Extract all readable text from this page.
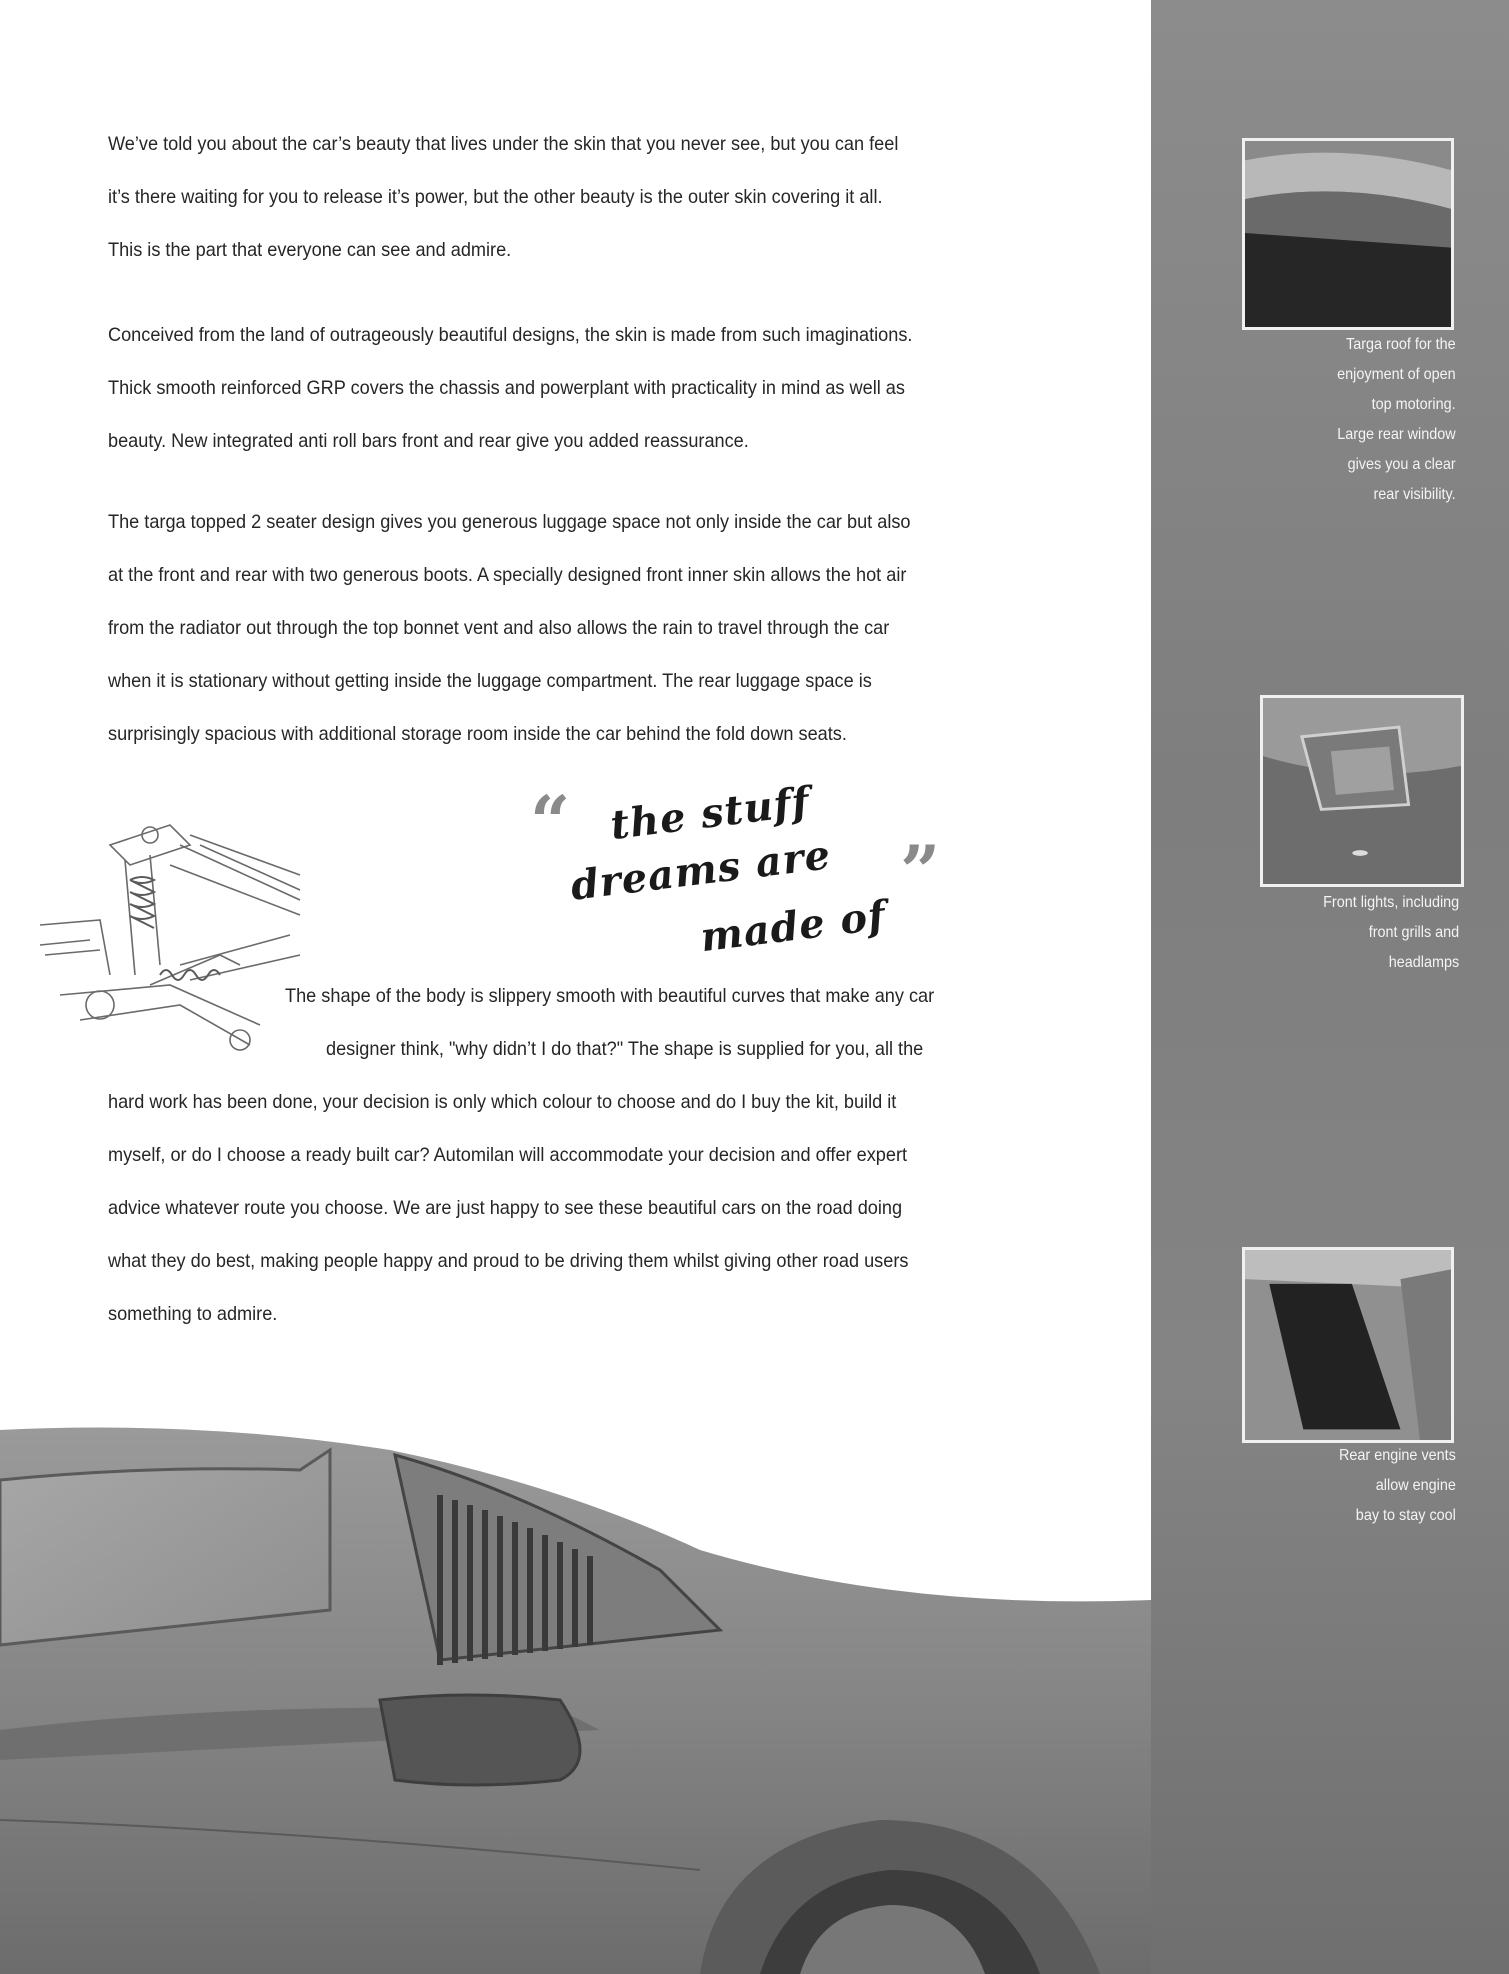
We’ve told you about the car’s beauty that lives under the skin that you never see, but you can feel
it’s there waiting for you to release it’s power, but the other beauty is the outer skin covering it all.
This is the part that everyone can see and admire.
Conceived from the land of outrageously beautiful designs, the skin is made from such imaginations.
Thick smooth reinforced GRP covers the chassis and powerplant with practicality in mind as well as
beauty. New integrated anti roll bars front and rear give you added reassurance.
The targa topped 2 seater design gives you generous luggage space not only inside the car but also
at the front and rear with two generous boots. A specially designed front inner skin allows the hot air
from the radiator out through the top bonnet vent and also allows the rain to travel through the car
when it is stationary without getting inside the luggage compartment. The rear luggage space is
surprisingly spacious with additional storage room inside the car behind the fold down seats.
“ the stuff
dreams are ”
made of
The shape of the body is slippery smooth with beautiful curves that make any car
designer think, "why didn’t I do that?" The shape is supplied for you, all the
hard work has been done, your decision is only which colour to choose and do I buy the kit, build it
myself, or do I choose a ready built car? Automilan will accommodate your decision and offer expert
advice whatever route you choose. We are just happy to see these beautiful cars on the road doing
what they do best, making people happy and proud to be driving them whilst giving other road users
something to admire.
Targa roof for the
enjoyment of open
top motoring.
Large rear window
gives you a clear
rear visibility.
Front lights, including
front grills and
headlamps
Rear engine vents
allow engine
bay to stay cool
